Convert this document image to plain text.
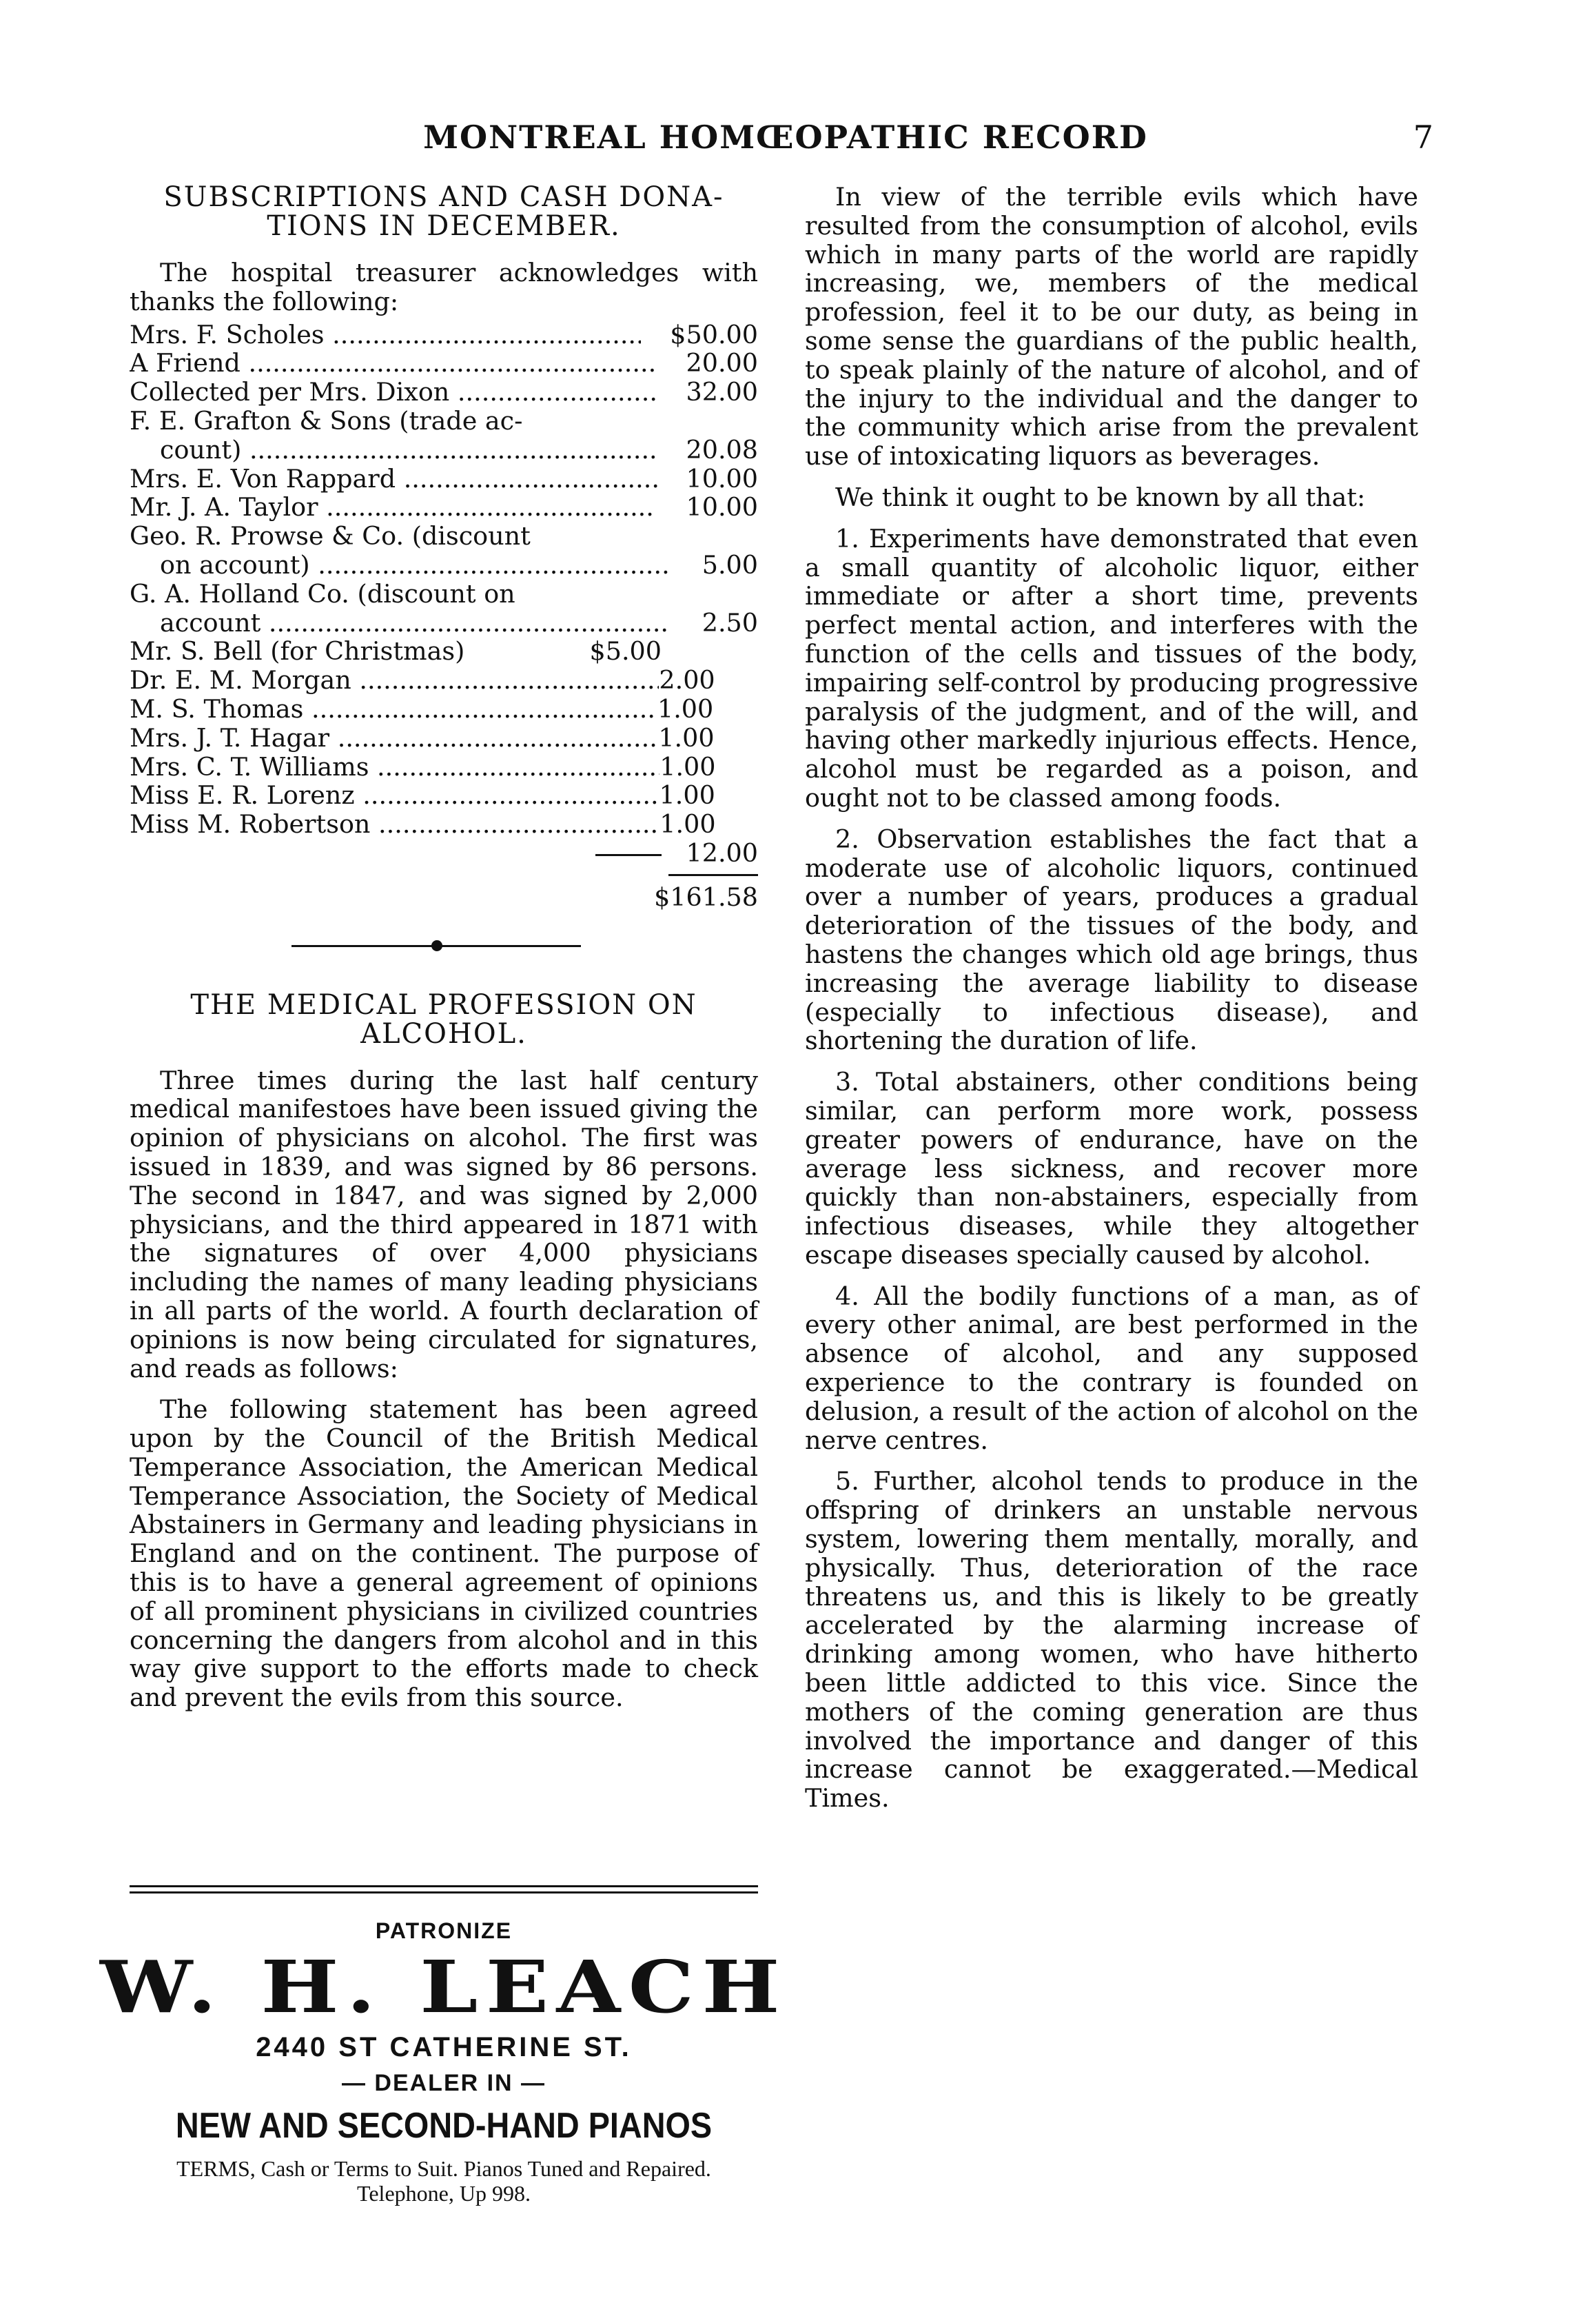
MONTREAL HOMŒOPATHIC RECORD	7
SUBSCRIPTIONS AND CASH DONA-
TIONS IN DECEMBER.

The hospital treasurer acknowledges with thanks the following:

Mrs. F. Scholes .....	$50.00
A Friend .....	20.00
Collected per Mrs. Dixon .....	32.00
F. E. Grafton & Sons (trade ac-
count) .....	20.08
Mrs. E. Von Rappard .....	10.00
Mr. J. A. Taylor .....	10.00
Geo. R. Prowse & Co. (discount
on account) .....	5.00
G. A. Holland Co. (discount on
account .....	2.50
Mr. S. Bell (for Christmas)	$5.00
Dr. E. M. Morgan .....	2.00
M. S. Thomas .....	1.00
Mrs. J. T. Hagar .....	1.00
Mrs. C. T. Williams .....	1.00
Miss E. R. Lorenz .....	1.00
Miss M. Robertson .....	1.00
12.00
$161.58
THE MEDICAL PROFESSION ON
ALCOHOL.

Three times during the last half century medical manifestoes have been issued giving the opinion of physicians on alcohol. The first was issued in 1839, and was signed by 86 persons. The second in 1847, and was signed by 2,000 physicians, and the third appeared in 1871 with the signatures of over 4,000 physicians including the names of many leading physicians in all parts of the world. A fourth declaration of opinions is now being circulated for signatures, and reads as follows:

The following statement has been agreed upon by the Council of the British Medical Temperance Association, the American Medical Temperance Association, the Society of Medical Abstainers in Germany and leading physicians in England and on the continent. The purpose of this is to have a general agreement of opinions of all prominent physicians in civilized countries concerning the dangers from alcohol and in this way give support to the efforts made to check and prevent the evils from this source.

PATRONIZE
W. H. LEACH
2440 ST CATHERINE ST.
— DEALER IN —
NEW AND SECOND-HAND PIANOS
TERMS, Cash or Terms to Suit. Pianos Tuned and Repaired. Telephone, Up 998.

In view of the terrible evils which have resulted from the consumption of alcohol, evils which in many parts of the world are rapidly increasing, we, members of the medical profession, feel it to be our duty, as being in some sense the guardians of the public health, to speak plainly of the nature of alcohol, and of the injury to the individual and the danger to the community which arise from the prevalent use of intoxicating liquors as beverages.

We think it ought to be known by all that:

1. Experiments have demonstrated that even a small quantity of alcoholic liquor, either immediate or after a short time, prevents perfect mental action, and interferes with the function of the cells and tissues of the body, impairing self-control by producing progressive paralysis of the judgment, and of the will, and having other markedly injurious effects. Hence, alcohol must be regarded as a poison, and ought not to be classed among foods.

2. Observation establishes the fact that a moderate use of alcoholic liquors, continued over a number of years, produces a gradual deterioration of the tissues of the body, and hastens the changes which old age brings, thus increasing the average liability to disease (especially to infectious disease), and shortening the duration of life.

3. Total abstainers, other conditions being similar, can perform more work, possess greater powers of endurance, have on the average less sickness, and recover more quickly than non-abstainers, especially from infectious diseases, while they altogether escape diseases specially caused by alcohol.

4. All the bodily functions of a man, as of every other animal, are best performed in the absence of alcohol, and any supposed experience to the contrary is founded on delusion, a result of the action of alcohol on the nerve centres.

5. Further, alcohol tends to produce in the offspring of drinkers an unstable nervous system, lowering them mentally, morally, and physically. Thus, deterioration of the race threatens us, and this is likely to be greatly accelerated by the alarming increase of drinking among women, who have hitherto been little addicted to this vice. Since the mothers of the coming generation are thus involved the importance and danger of this increase cannot be exaggerated.—Medical Times.
